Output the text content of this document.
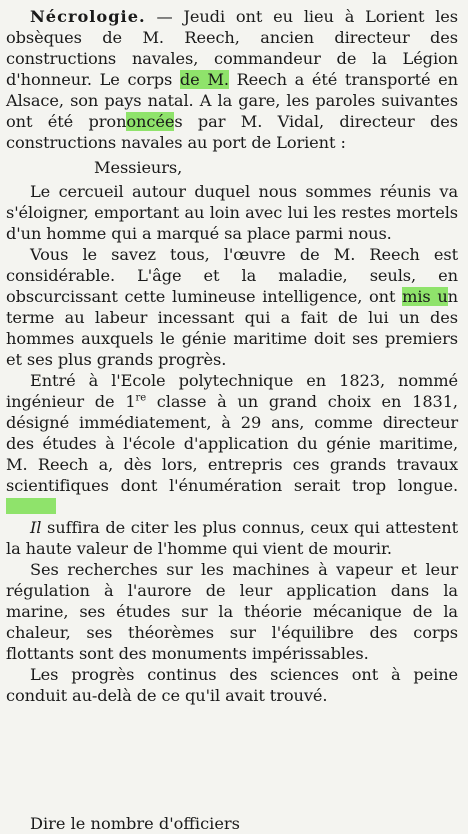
Nécrologie. — Jeudi ont eu lieu à Lorient les obsèques de M. Reech, ancien directeur des constructions navales, commandeur de la Légion d'honneur. Le corps de M. Reech a été transporté en Alsace, son pays natal. A la gare, les paroles suivantes ont été prononcées par M. Vidal, directeur des constructions navales au port de Lorient :

Messieurs,

Le cercueil autour duquel nous sommes réunis va s'éloigner, emportant au loin avec lui les restes mortels d'un homme qui a marqué sa place parmi nous.

Vous le savez tous, l'œuvre de M. Reech est considérable. L'âge et la maladie, seuls, en obscurcissant cette lumineuse intelligence, ont mis un terme au labeur incessant qui a fait de lui un des hommes auxquels le génie maritime doit ses premiers et ses plus grands progrès.

Entré à l'Ecole polytechnique en 1823, nommé ingénieur de 1re classe à un grand choix en 1831, désigné immédiatement, à 29 ans, comme directeur des études à l'école d'application du génie maritime, M. Reech a, dès lors, entrepris ces grands travaux scientifiques dont l'énumération serait trop longue.

Il suffira de citer les plus connus, ceux qui attestent la haute valeur de l'homme qui vient de mourir.

Ses recherches sur les machines à vapeur et leur régulation à l'aurore de leur application dans la marine, ses études sur la théorie mécanique de la chaleur, ses théorèmes sur l'équilibre des corps flottants sont des monuments impérissables.

Les progrès continus des sciences ont à peine conduit au-delà de ce qu'il avait trouvé.

Dire le nombre d'officiers
